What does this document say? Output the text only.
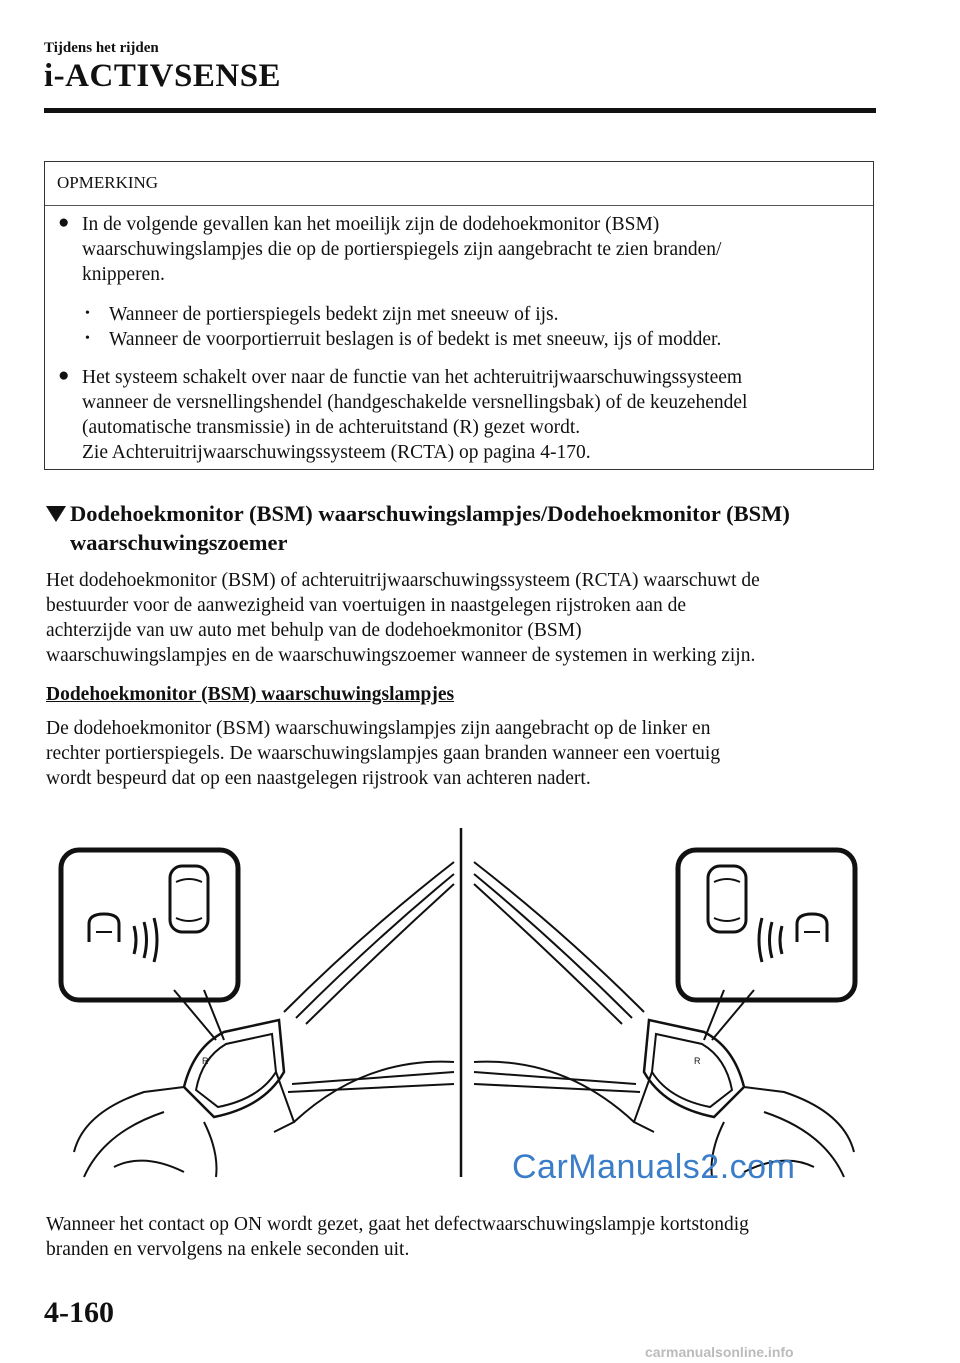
Tijdens het rijden
i-ACTIVSENSE
OPMERKING
● In de volgende gevallen kan het moeilijk zijn de dodehoekmonitor (BSM)
waarschuwingslampjes die op de portierspiegels zijn aangebracht te zien branden/
knipperen.
• Wanneer de portierspiegels bedekt zijn met sneeuw of ijs.
• Wanneer de voorportierruit beslagen is of bedekt is met sneeuw, ijs of modder.
● Het systeem schakelt over naar de functie van het achteruitrijwaarschuwingssysteem
wanneer de versnellingshendel (handgeschakelde versnellingsbak) of de keuzehendel
(automatische transmissie) in de achteruitstand (R) gezet wordt.
Zie Achteruitrijwaarschuwingssysteem (RCTA) op pagina 4-170.
Dodehoekmonitor (BSM) waarschuwingslampjes/Dodehoekmonitor (BSM)
waarschuwingszoemer
Het dodehoekmonitor (BSM) of achteruitrijwaarschuwingssysteem (RCTA) waarschuwt de
bestuurder voor de aanwezigheid van voertuigen in naastgelegen rijstroken aan de
achterzijde van uw auto met behulp van de dodehoekmonitor (BSM)
waarschuwingslampjes en de waarschuwingszoemer wanneer de systemen in werking zijn.
Dodehoekmonitor (BSM) waarschuwingslampjes
De dodehoekmonitor (BSM) waarschuwingslampjes zijn aangebracht op de linker en
rechter portierspiegels. De waarschuwingslampjes gaan branden wanneer een voertuig
wordt bespeurd dat op een naastgelegen rijstrook van achteren nadert.
R	R
CarManuals2.com
Wanneer het contact op ON wordt gezet, gaat het defectwaarschuwingslampje kortstondig
branden en vervolgens na enkele seconden uit.
4-160
carmanualsonline.info
